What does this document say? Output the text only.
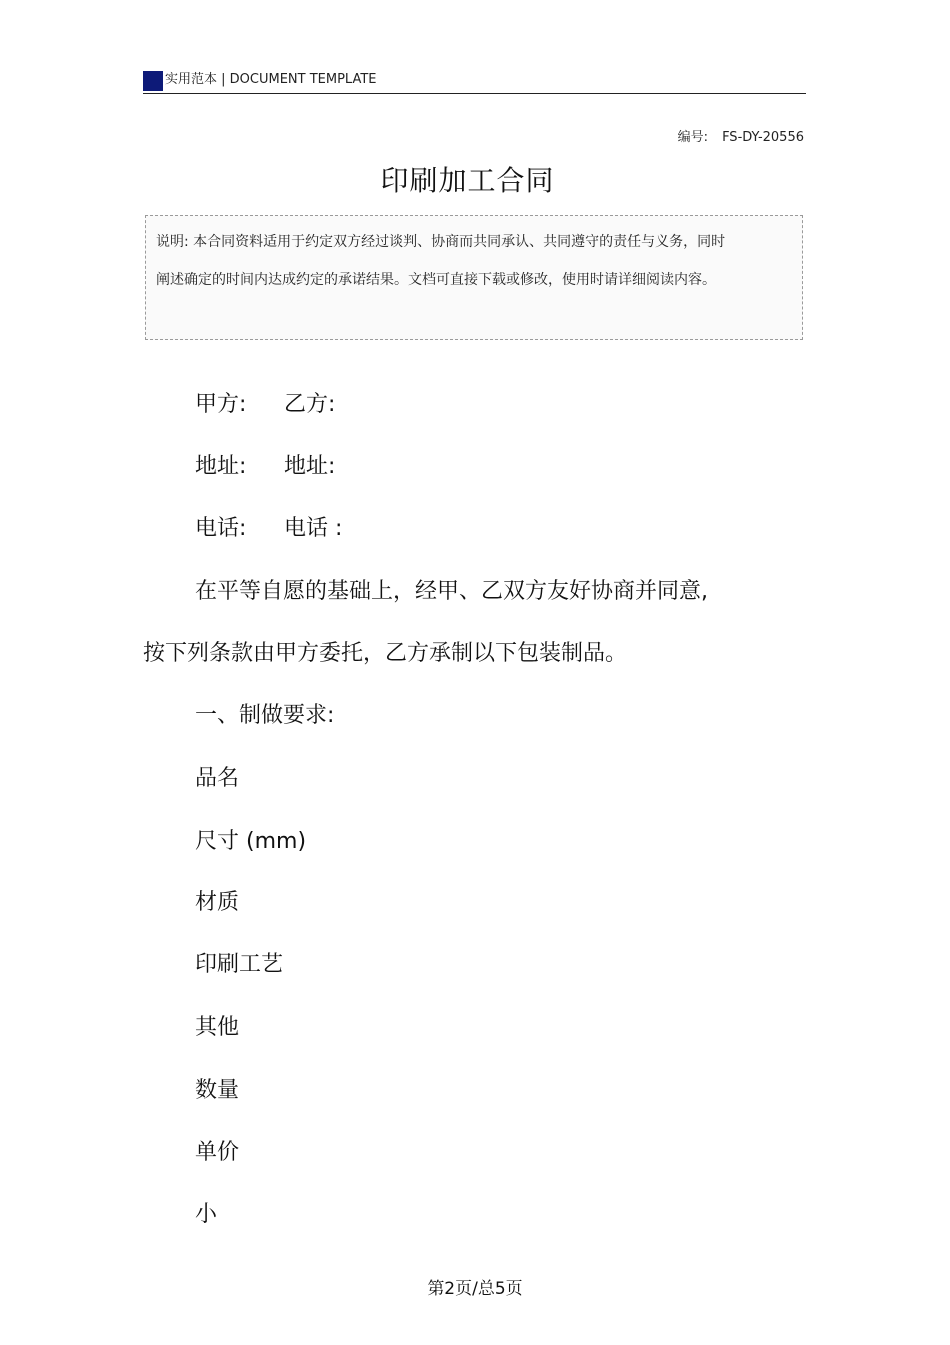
实用范本 | DOCUMENT TEMPLATE
编号: FS-DY-20556
印刷加工合同
说明: 本合同资料适用于约定双方经过谈判、协商而共同承认、共同遵守的责任与义务，同时阐述确定的时间内达成约定的承诺结果。文档可直接下载或修改，使用时请详细阅读内容。
甲方: 乙方:
地址: 地址:
电话: 电话 :
在平等自愿的基础上，经甲、乙双方友好协商并同意,
按下列条款由甲方委托，乙方承制以下包装制品。
一、制做要求:
品名
尺寸 (mm)
材质
印刷工艺
其他
数量
单价
小
第2页/总5页
